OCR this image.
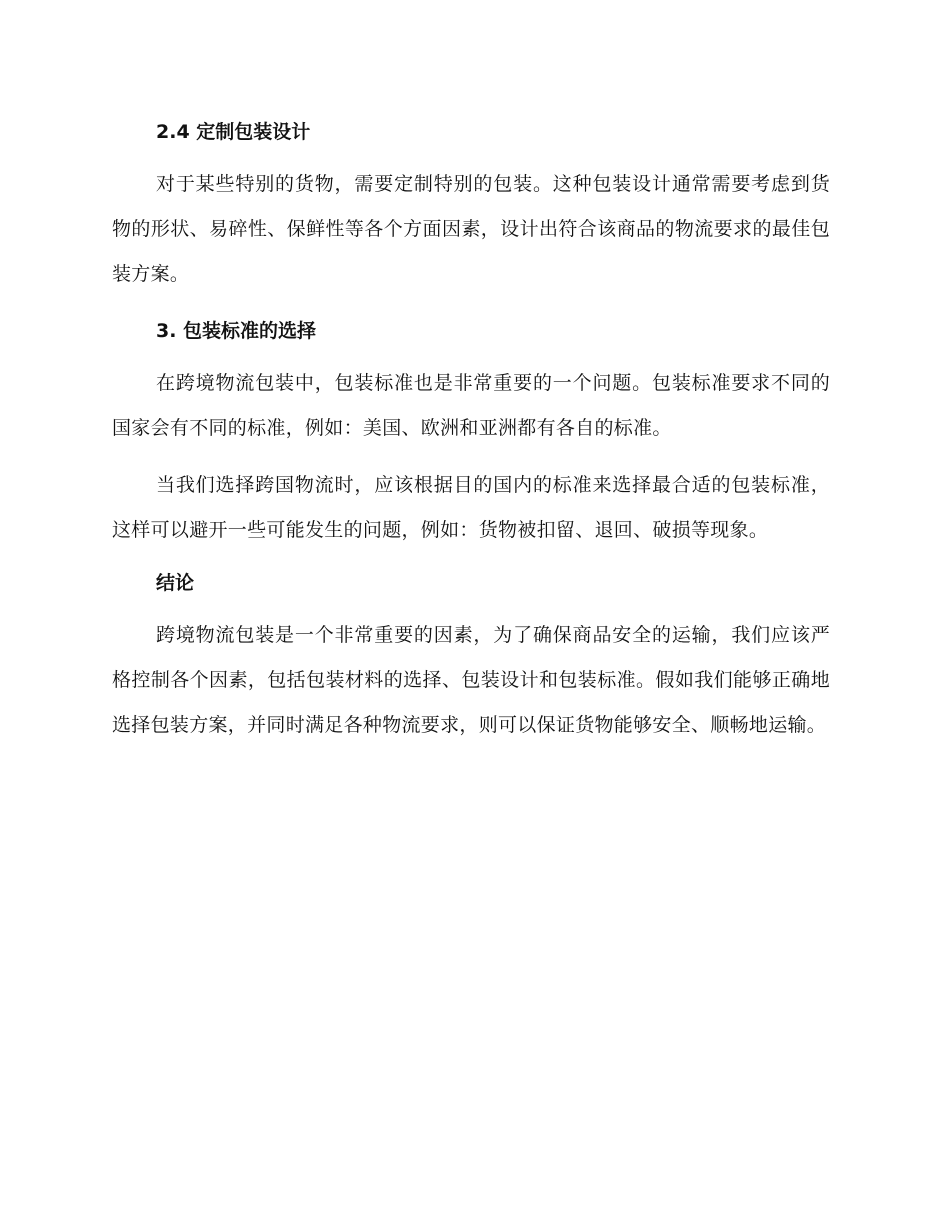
2.4 定制包装设计

对于某些特别的货物，需要定制特别的包装。这种包装设计通常需要考虑到货物的形状、易碎性、保鲜性等各个方面因素，设计出符合该商品的物流要求的最佳包装方案。

3. 包装标准的选择

在跨境物流包装中，包装标准也是非常重要的一个问题。包装标准要求不同的国家会有不同的标准，例如：美国、欧洲和亚洲都有各自的标准。

当我们选择跨国物流时，应该根据目的国内的标准来选择最合适的包装标准，这样可以避开一些可能发生的问题，例如：货物被扣留、退回、破损等现象。

结论

跨境物流包装是一个非常重要的因素，为了确保商品安全的运输，我们应该严格控制各个因素，包括包装材料的选择、包装设计和包装标准。假如我们能够正确地选择包装方案，并同时满足各种物流要求，则可以保证货物能够安全、顺畅地运输。
